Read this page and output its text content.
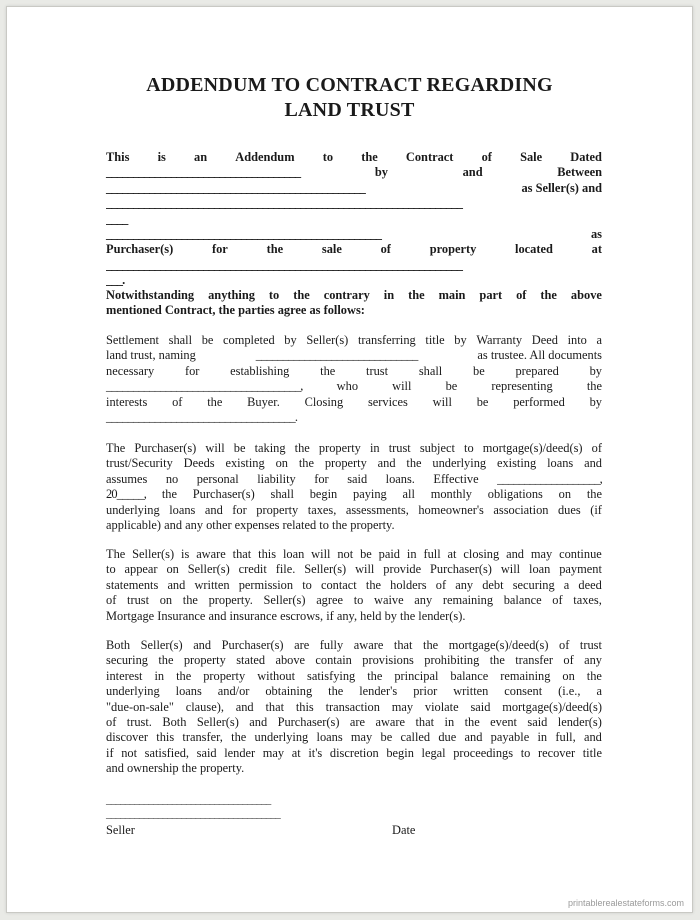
ADDENDUM TO CONTRACT REGARDING
LAND TRUST
This is an Addendum to the Contract of Sale Dated
____________________________________	by	and	Between
________________________________________________	as Seller(s) and
__________________________________________________________________
____
___________________________________________________	as
Purchaser(s)	for	the	sale	of	property	located	at
__________________________________________________________________
___.
Notwithstanding anything to the contrary in the main part of the above
mentioned Contract, the parties agree as follows:
Settlement shall be completed by Seller(s) transferring title by Warranty Deed into a
land trust, naming	______________________________	as trustee. All documents
necessary for establishing the trust shall be prepared by
____________________________________,	who	will	be	representing	the
interests of the Buyer. Closing services will be performed by
___________________________________.
The Purchaser(s) will be taking the property in trust subject to mortgage(s)/deed(s) of
trust/Security Deeds existing on the property and the underlying existing loans and
assumes no personal liability for said loans. Effective ___________________,
20_____, the Purchaser(s) shall begin paying all monthly obligations on the
underlying loans and for property taxes, assessments, homeowner's association dues (if
applicable) and any other expenses related to the property.
The Seller(s) is aware that this loan will not be paid in full at closing and may continue
to appear on Seller(s) credit file. Seller(s) will provide Purchaser(s) will loan payment
statements and written permission to contact the holders of any debt securing a deed
of trust on the property. Seller(s) agree to waive any remaining balance of taxes,
Mortgage Insurance and insurance escrows, if any, held by the lender(s).
Both Seller(s) and Purchaser(s) are fully aware that the mortgage(s)/deed(s) of trust
securing the property stated above contain provisions prohibiting the transfer of any
interest in the property without satisfying the principal balance remaining on the
underlying loans and/or obtaining the lender's prior written consent (i.e., a
"due-on-sale" clause), and that this transaction may violate said mortgage(s)/deed(s)
of trust. Both Seller(s) and Purchaser(s) are aware that in the event said lender(s)
discover this transfer, the underlying loans may be called due and payable in full, and
if not satisfied, said lender may at it's discretion begin legal proceedings to recover title
and ownership the property.
___________________________________
_____________________________________
Seller	Date
printablerealestateforms.com
